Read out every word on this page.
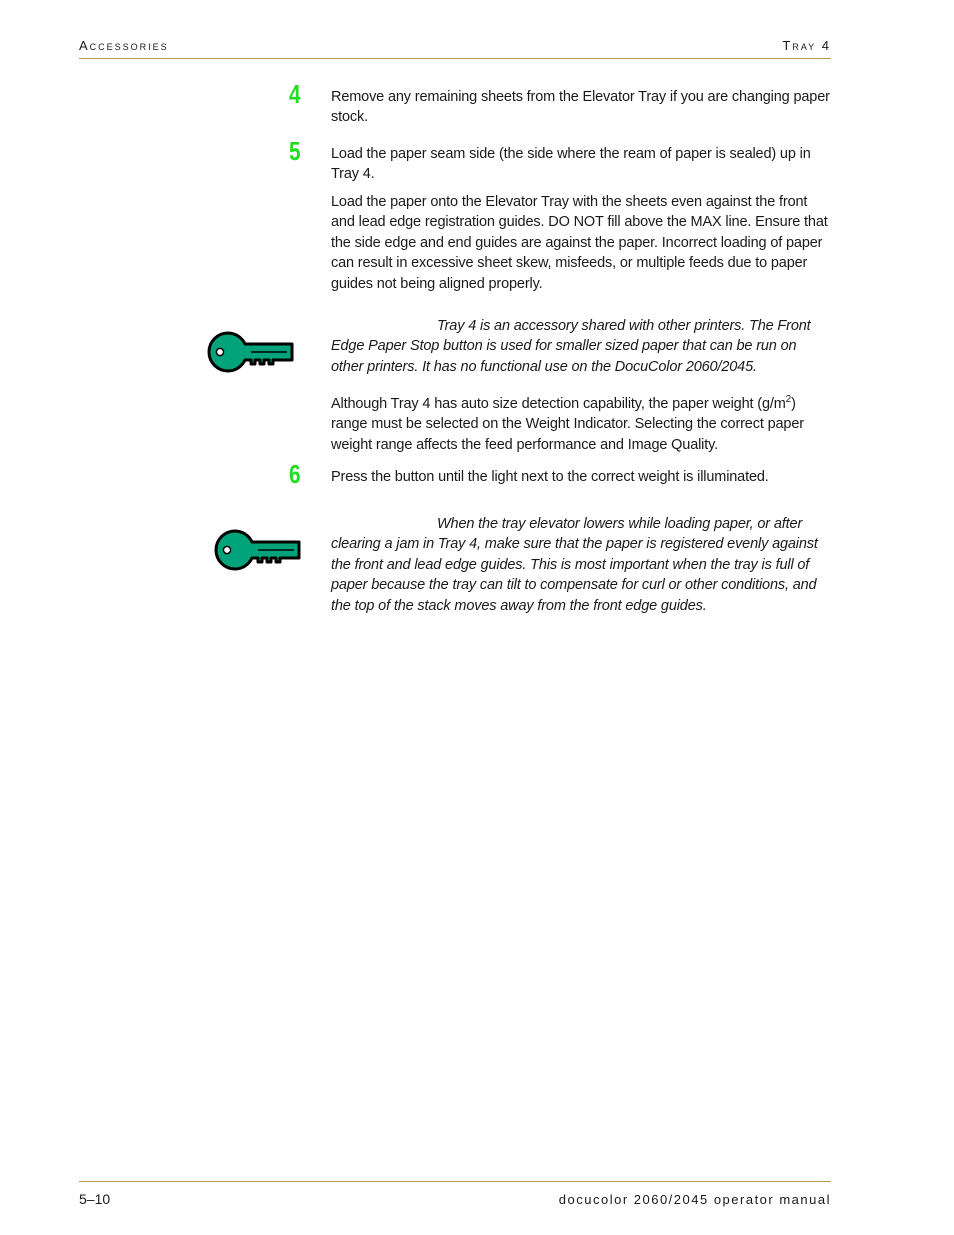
Accessories	Tray 4
4 Remove any remaining sheets from the Elevator Tray if you are changing paper stock.
5 Load the paper seam side (the side where the ream of paper is sealed) up in Tray 4.
Load the paper onto the Elevator Tray with the sheets even against the front and lead edge registration guides. DO NOT fill above the MAX line. Ensure that the side edge and end guides are against the paper. Incorrect loading of paper can result in excessive sheet skew, misfeeds, or multiple feeds due to paper guides not being aligned properly.
Tray 4 is an accessory shared with other printers. The Front Edge Paper Stop button is used for smaller sized paper that can be run on other printers. It has no functional use on the DocuColor 2060/2045.
Although Tray 4 has auto size detection capability, the paper weight $(g/m^2)$ range must be selected on the Weight Indicator. Selecting the correct paper weight range affects the feed performance and Image Quality.
6 Press the button until the light next to the correct weight is illuminated.
When the tray elevator lowers while loading paper, or after clearing a jam in Tray 4, make sure that the paper is registered evenly against the front and lead edge guides. This is most important when the tray is full of paper because the tray can tilt to compensate for curl or other conditions, and the top of the stack moves away from the front edge guides.
5–10	docucolor 2060/2045 operator manual
